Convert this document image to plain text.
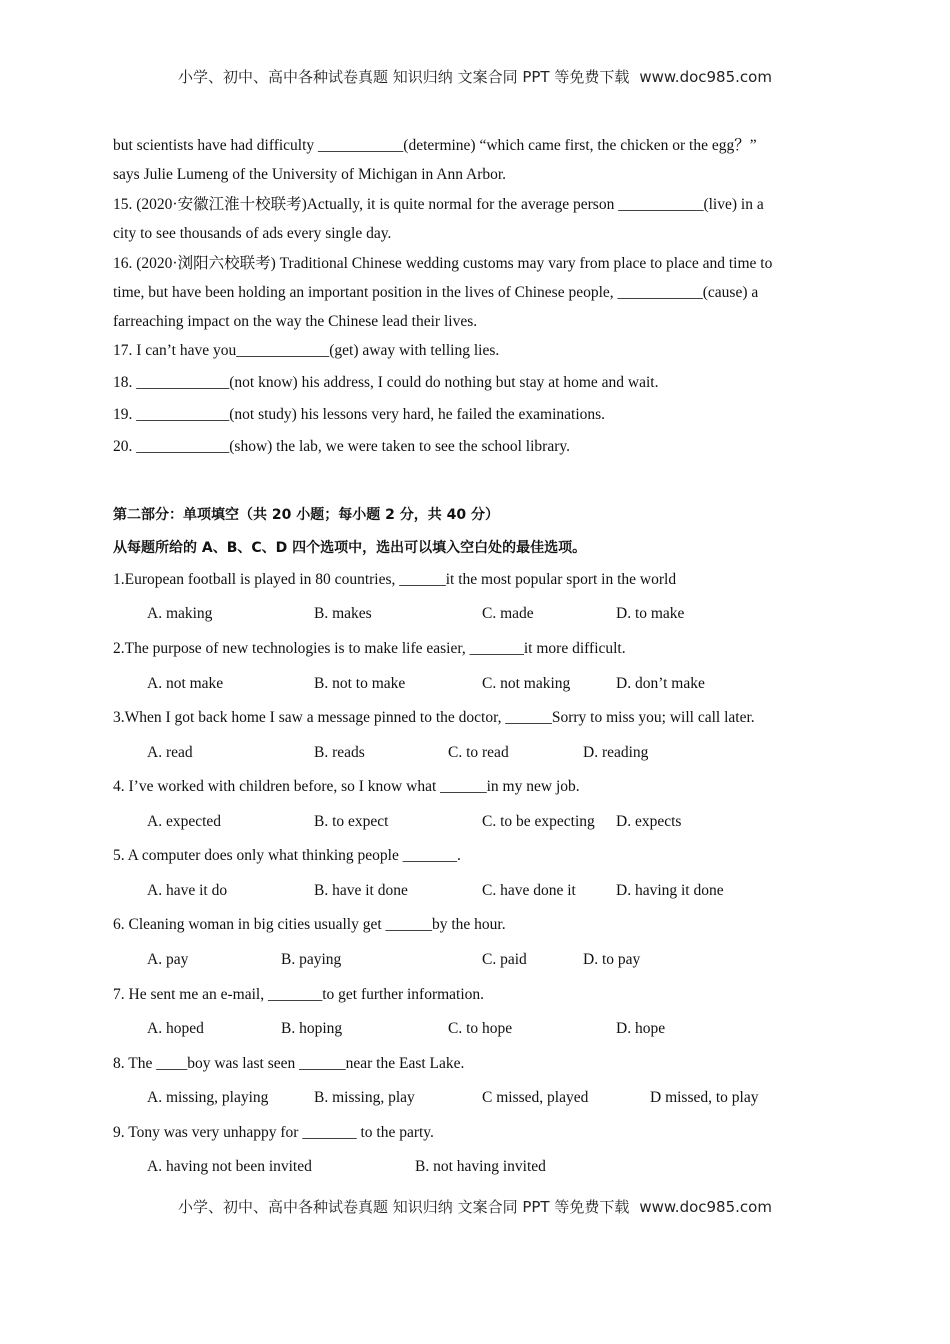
小学、初中、高中各种试卷真题 知识归纳 文案合同 PPT 等免费下载 www.doc985.com
but scientists have had difficulty ___________(determine) “which came first, the chicken or the egg？”
says Julie Lumeng of the University of Michigan in Ann Arbor.
15. (2020·安徽江淮十校联考)Actually, it is quite normal for the average person ___________(live) in a
city to see thousands of ads every single day.
16. (2020·浏阳六校联考) Traditional Chinese wedding customs may vary from place to place and time to
time, but have been holding an important position in the lives of Chinese people, ___________(cause) a
farreaching impact on the way the Chinese lead their lives.
17. I can’t have you____________(get) away with telling lies.
18. ____________(not know) his address, I could do nothing but stay at home and wait.
19. ____________(not study) his lessons very hard, he failed the examinations.
20. ____________(show) the lab, we were taken to see the school library.
第二部分：单项填空（共 20 小题；每小题 2 分，共 40 分）
从每题所给的 A、B、C、D 四个选项中，选出可以填入空白处的最佳选项。
1.European football is played in 80 countries, ______it the most popular sport in the world
A. making	B. makes	C. made	D. to make
2.The purpose of new technologies is to make life easier, _______it more difficult.
A. not make	B. not to make	C. not making	D. don’t make
3.When I got back home I saw a message pinned to the doctor, ______Sorry to miss you; will call later.
A. read	B. reads	C. to read	D. reading
4. I’ve worked with children before, so I know what ______in my new job.
A. expected	B. to expect	C. to be expecting D. expects
5. A computer does only what thinking people _______.
A. have it do	B. have it done	C. have done it	D. having it done
6. Cleaning woman in big cities usually get ______by the hour.
A. pay	B. paying	C. paid	D. to pay
7. He sent me an e-mail, _______to get further information.
A. hoped	B. hoping	C. to hope	D. hope
8. The ____boy was last seen ______near the East Lake.
A. missing, playing	B. missing, play	C missed, played	D missed, to play
9. Tony was very unhappy for _______ to the party.
A. having not been invited	B. not having invited
小学、初中、高中各种试卷真题 知识归纳 文案合同 PPT 等免费下载 www.doc985.com
